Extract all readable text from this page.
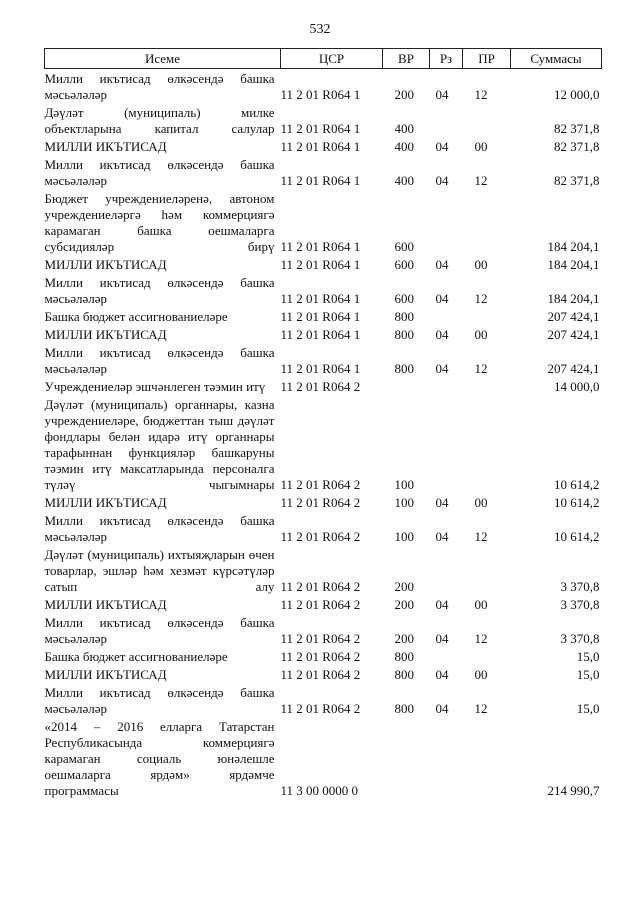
532
Исеме	ЦСР	ВР	Рз	ПР	Суммасы
Милли икътисад өлкәсендә башка мәсьәләләр	11 2 01 R064 1	200	04	12	12 000,0
Дәүләт (муниципаль) милке объектларына капитал салулар	11 2 01 R064 1	400			82 371,8
МИЛЛИ ИКЪТИСАД	11 2 01 R064 1	400	04	00	82 371,8
Милли икътисад өлкәсендә башка мәсьәләләр	11 2 01 R064 1	400	04	12	82 371,8
Бюджет учреждениеләренә, автоном учреждениеләргә һәм коммерциягә карамаган башка оешмаларга субсидияләр бирү	11 2 01 R064 1	600			184 204,1
МИЛЛИ ИКЪТИСАД	11 2 01 R064 1	600	04	00	184 204,1
Милли икътисад өлкәсендә башка мәсьәләләр	11 2 01 R064 1	600	04	12	184 204,1
Башка бюджет ассигнованиеләре	11 2 01 R064 1	800			207 424,1
МИЛЛИ ИКЪТИСАД	11 2 01 R064 1	800	04	00	207 424,1
Милли икътисад өлкәсендә башка мәсьәләләр	11 2 01 R064 1	800	04	12	207 424,1
Учреждениеләр эшчәнлеген тәэмин итү	11 2 01 R064 2				14 000,0
Дәүләт (муниципаль) органнары, казна учреждениеләре, бюджеттан тыш дәүләт фондлары белән идарә итү органнары тарафыннан функцияләр башкаруны тәэмин итү максатларында персоналга түләү чыгымнары	11 2 01 R064 2	100			10 614,2
МИЛЛИ ИКЪТИСАД	11 2 01 R064 2	100	04	00	10 614,2
Милли икътисад өлкәсендә башка мәсьәләләр	11 2 01 R064 2	100	04	12	10 614,2
Дәүләт (муниципаль) ихтыяҗларын өчен товарлар, эшләр һәм хезмәт күрсәтүләр сатып алу	11 2 01 R064 2	200			3 370,8
МИЛЛИ ИКЪТИСАД	11 2 01 R064 2	200	04	00	3 370,8
Милли икътисад өлкәсендә башка мәсьәләләр	11 2 01 R064 2	200	04	12	3 370,8
Башка бюджет ассигнованиеләре	11 2 01 R064 2	800			15,0
МИЛЛИ ИКЪТИСАД	11 2 01 R064 2	800	04	00	15,0
Милли икътисад өлкәсендә башка мәсьәләләр	11 2 01 R064 2	800	04	12	15,0
«2014 – 2016 елларга Татарстан Республикасында коммерциягә карамаган социаль юнәлешле оешмаларга ярдәм» ярдәмче программасы	11 3 00 0000 0				214 990,7
